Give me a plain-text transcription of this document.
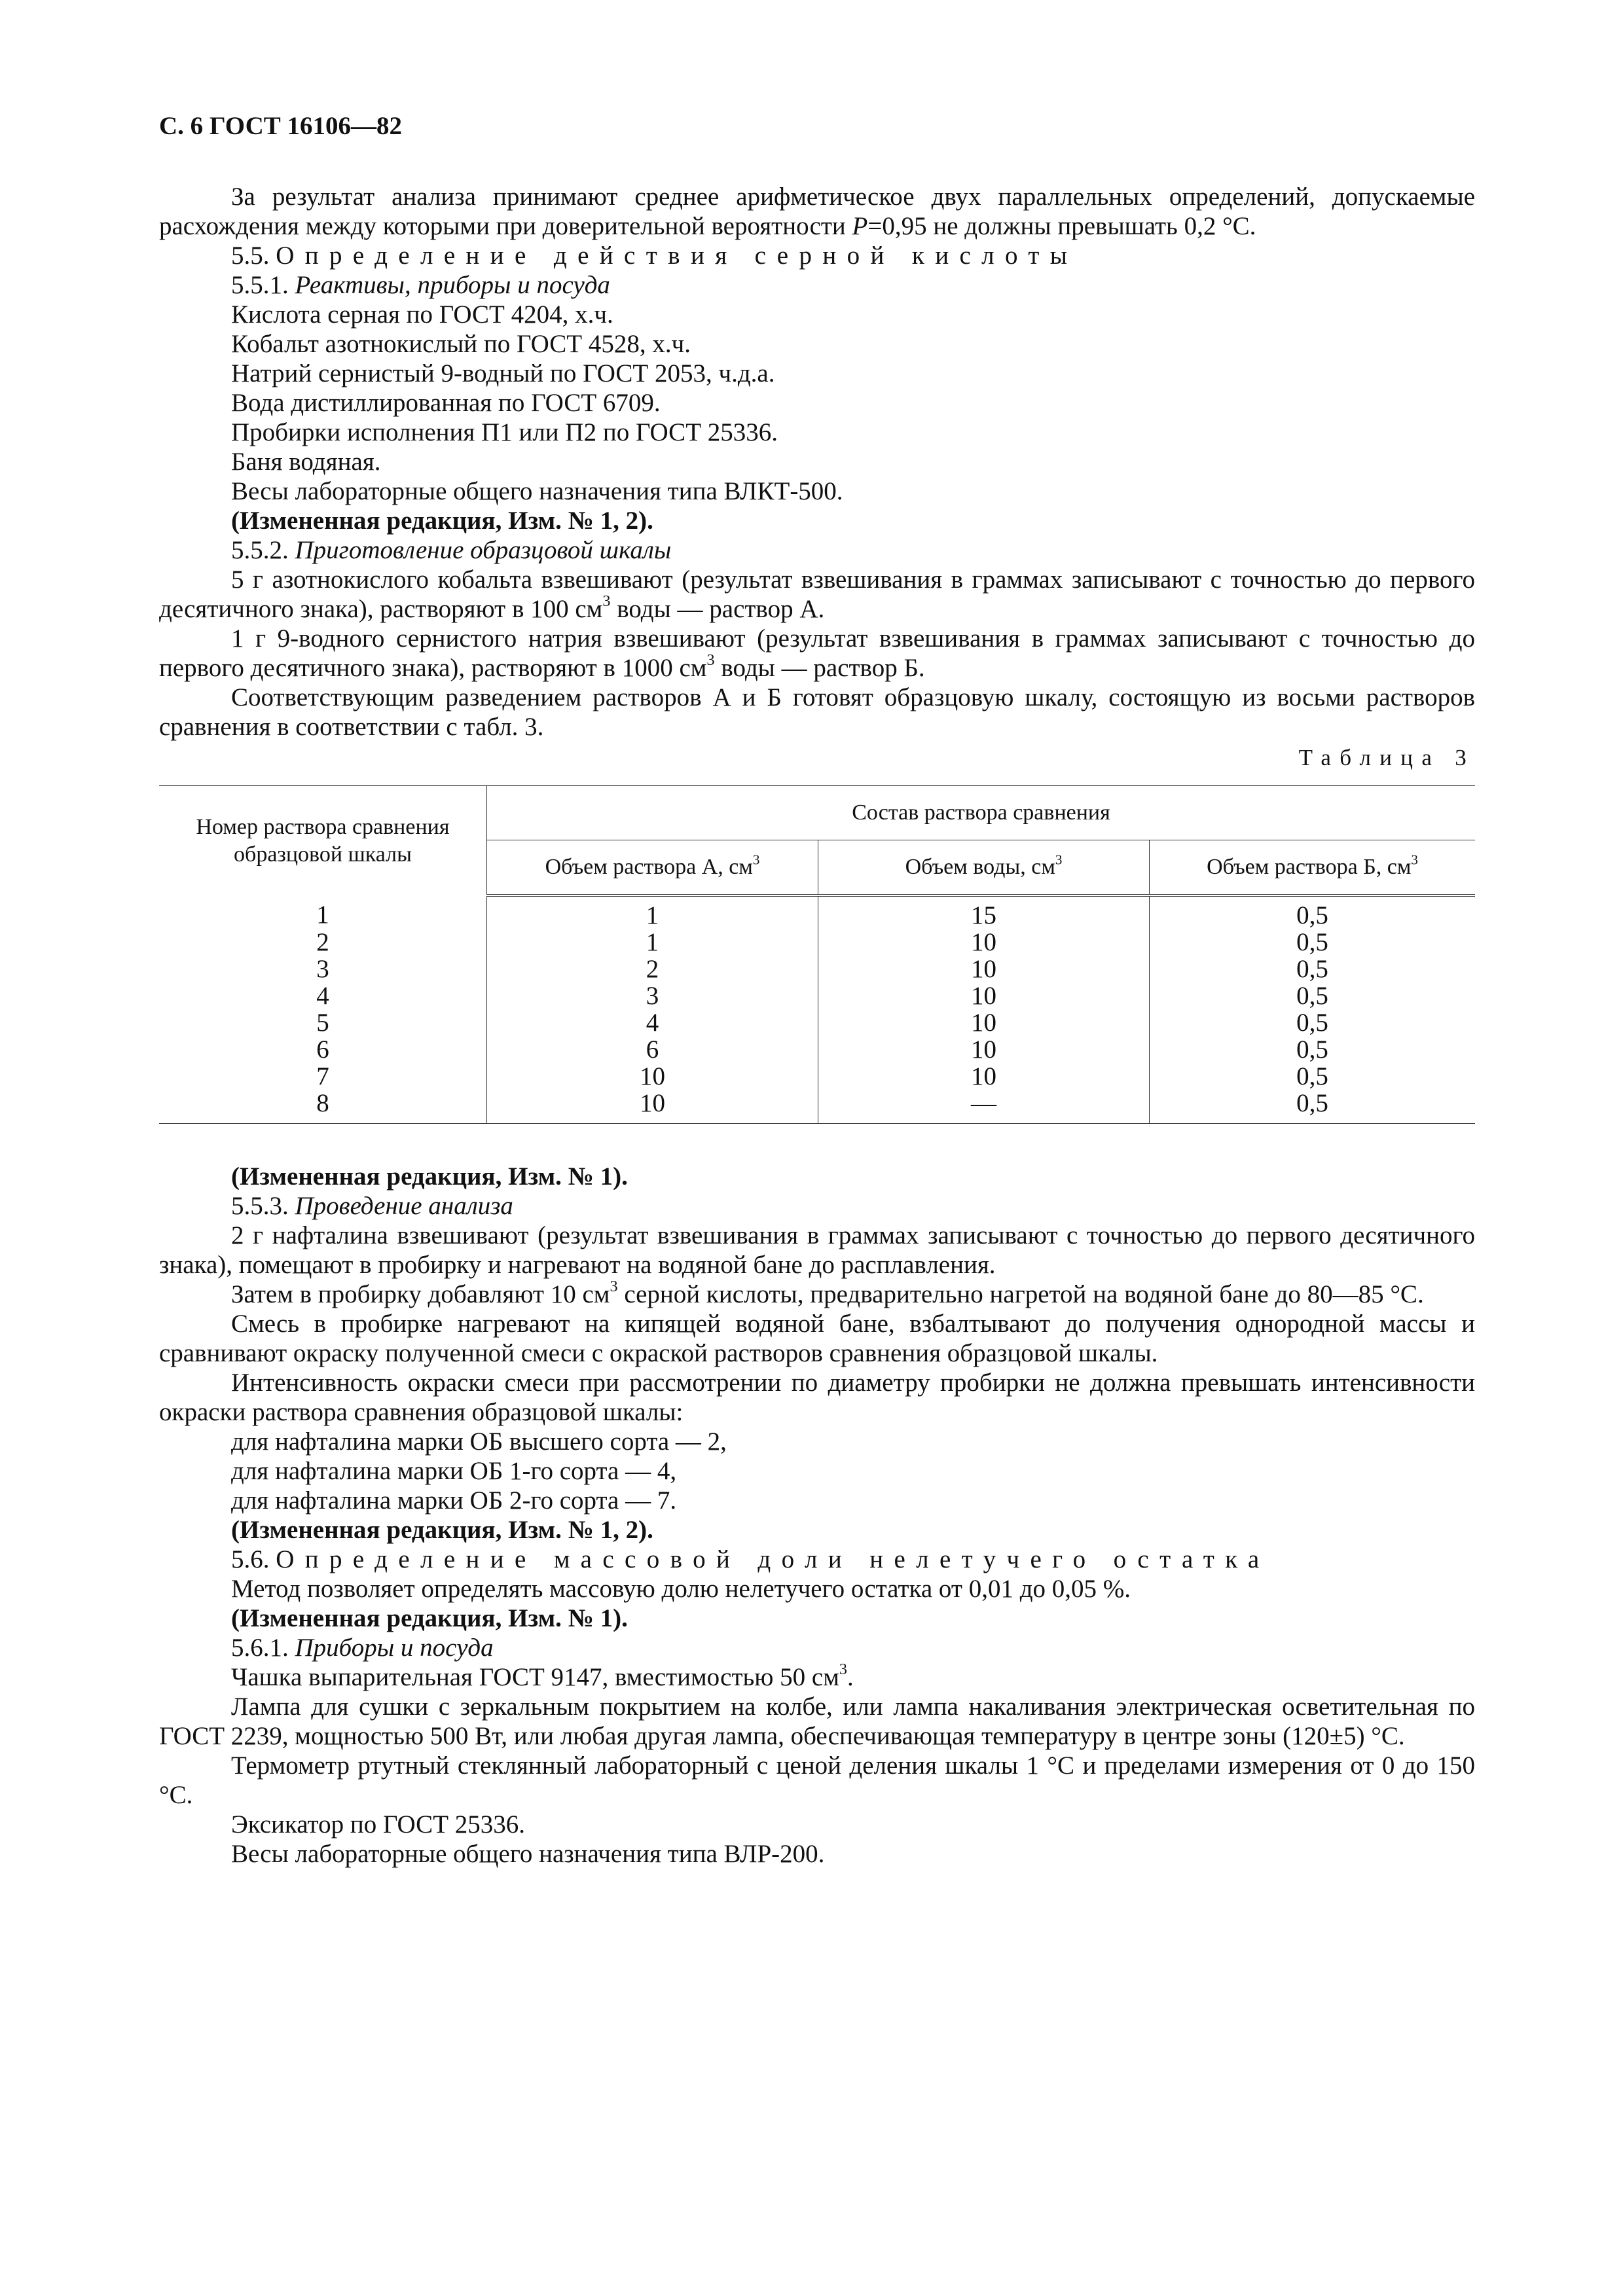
С. 6 ГОСТ 16106—82

За результат анализа принимают среднее арифметическое двух параллельных определений, допускаемые расхождения между которыми при доверительной вероятности P=0,95 не должны превышать 0,2 °С.

5.5. Определение действия серной кислоты

5.5.1. Реактивы, приборы и посуда

Кислота серная по ГОСТ 4204, х.ч.

Кобальт азотнокислый по ГОСТ 4528, х.ч.

Натрий сернистый 9-водный по ГОСТ 2053, ч.д.а.

Вода дистиллированная по ГОСТ 6709.

Пробирки исполнения П1 или П2 по ГОСТ 25336.

Баня водяная.

Весы лабораторные общего назначения типа ВЛКТ-500.

(Измененная редакция, Изм. № 1, 2).

5.5.2. Приготовление образцовой шкалы

5 г азотнокислого кобальта взвешивают (результат взвешивания в граммах записывают с точностью до первого десятичного знака), растворяют в 100 $см^3$ воды — раствор А.

1 г 9-водного сернистого натрия взвешивают (результат взвешивания в граммах записывают с точностью до первого десятичного знака), растворяют в 1000 $см^3$ воды — раствор Б.

Соответствующим разведением растворов А и Б готовят образцовую шкалу, состоящую из восьми растворов сравнения в соответствии с табл. 3.

Таблица 3
Номер раствора сравнения образцовой шкалы	Состав раствора сравнения		
	Объем раствора А, $см^3$	Объем воды, $см^3$	Объем раствора Б, $см^3$
1	1	15	0,5
2	1	10	0,5
3	2	10	0,5
4	3	10	0,5
5	4	10	0,5
6	6	10	0,5
7	10	10	0,5
8	10	—	0,5

(Измененная редакция, Изм. № 1).

5.5.3. Проведение анализа

2 г нафталина взвешивают (результат взвешивания в граммах записывают с точностью до первого десятичного знака), помещают в пробирку и нагревают на водяной бане до расплавления.

Затем в пробирку добавляют 10 $см^3$ серной кислоты, предварительно нагретой на водяной бане до 80—85 °С.

Смесь в пробирке нагревают на кипящей водяной бане, взбалтывают до получения однородной массы и сравнивают окраску полученной смеси с окраской растворов сравнения образцовой шкалы.

Интенсивность окраски смеси при рассмотрении по диаметру пробирки не должна превышать интенсивности окраски раствора сравнения образцовой шкалы:

для нафталина марки ОБ высшего сорта — 2,

для нафталина марки ОБ 1-го сорта — 4,

для нафталина марки ОБ 2-го сорта — 7.

(Измененная редакция, Изм. № 1, 2).

5.6. Определение массовой доли нелетучего остатка

Метод позволяет определять массовую долю нелетучего остатка от 0,01 до 0,05 %.

(Измененная редакция, Изм. № 1).

5.6.1. Приборы и посуда

Чашка выпарительная ГОСТ 9147, вместимостью 50 $см^3$.

Лампа для сушки с зеркальным покрытием на колбе, или лампа накаливания электрическая осветительная по ГОСТ 2239, мощностью 500 Вт, или любая другая лампа, обеспечивающая температуру в центре зоны (120±5) °С.

Термометр ртутный стеклянный лабораторный с ценой деления шкалы 1 °С и пределами измерения от 0 до 150 °С.

Эксикатор по ГОСТ 25336.

Весы лабораторные общего назначения типа ВЛР-200.
